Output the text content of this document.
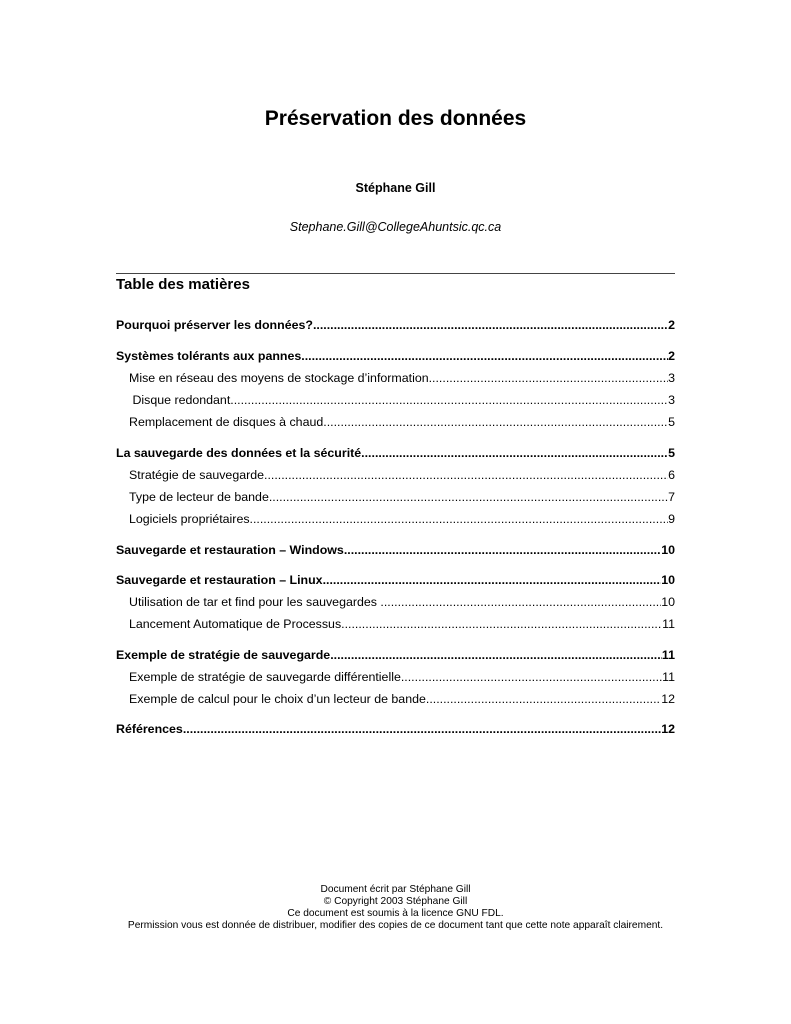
Préservation des données
Stéphane Gill
Stephane.Gill@CollegeAhuntsic.qc.ca
Table des matières
Pourquoi préserver les données? .....	2
Systèmes tolérants aux pannes .....	2
Mise en réseau des moyens de stockage d’information .....	3
Disque redondant .....	3
Remplacement de disques à chaud .....	5
La sauvegarde des données et la sécurité .....	5
Stratégie de sauvegarde .....	6
Type de lecteur de bande .....	7
Logiciels propriétaires .....	9
Sauvegarde et restauration – Windows .....	10
Sauvegarde et restauration – Linux .....	10
Utilisation de tar et find pour les sauvegardes .....	10
Lancement Automatique de Processus .....	11
Exemple de stratégie de sauvegarde .....	11
Exemple de stratégie de sauvegarde différentielle .....	11
Exemple de calcul pour le choix d’un lecteur de bande .....	12
Références .....	12
Document écrit par Stéphane Gill
© Copyright 2003 Stéphane Gill
Ce document est soumis à la licence GNU FDL.
Permission vous est donnée de distribuer, modifier des copies de ce document tant que cette note apparaît clairement.
